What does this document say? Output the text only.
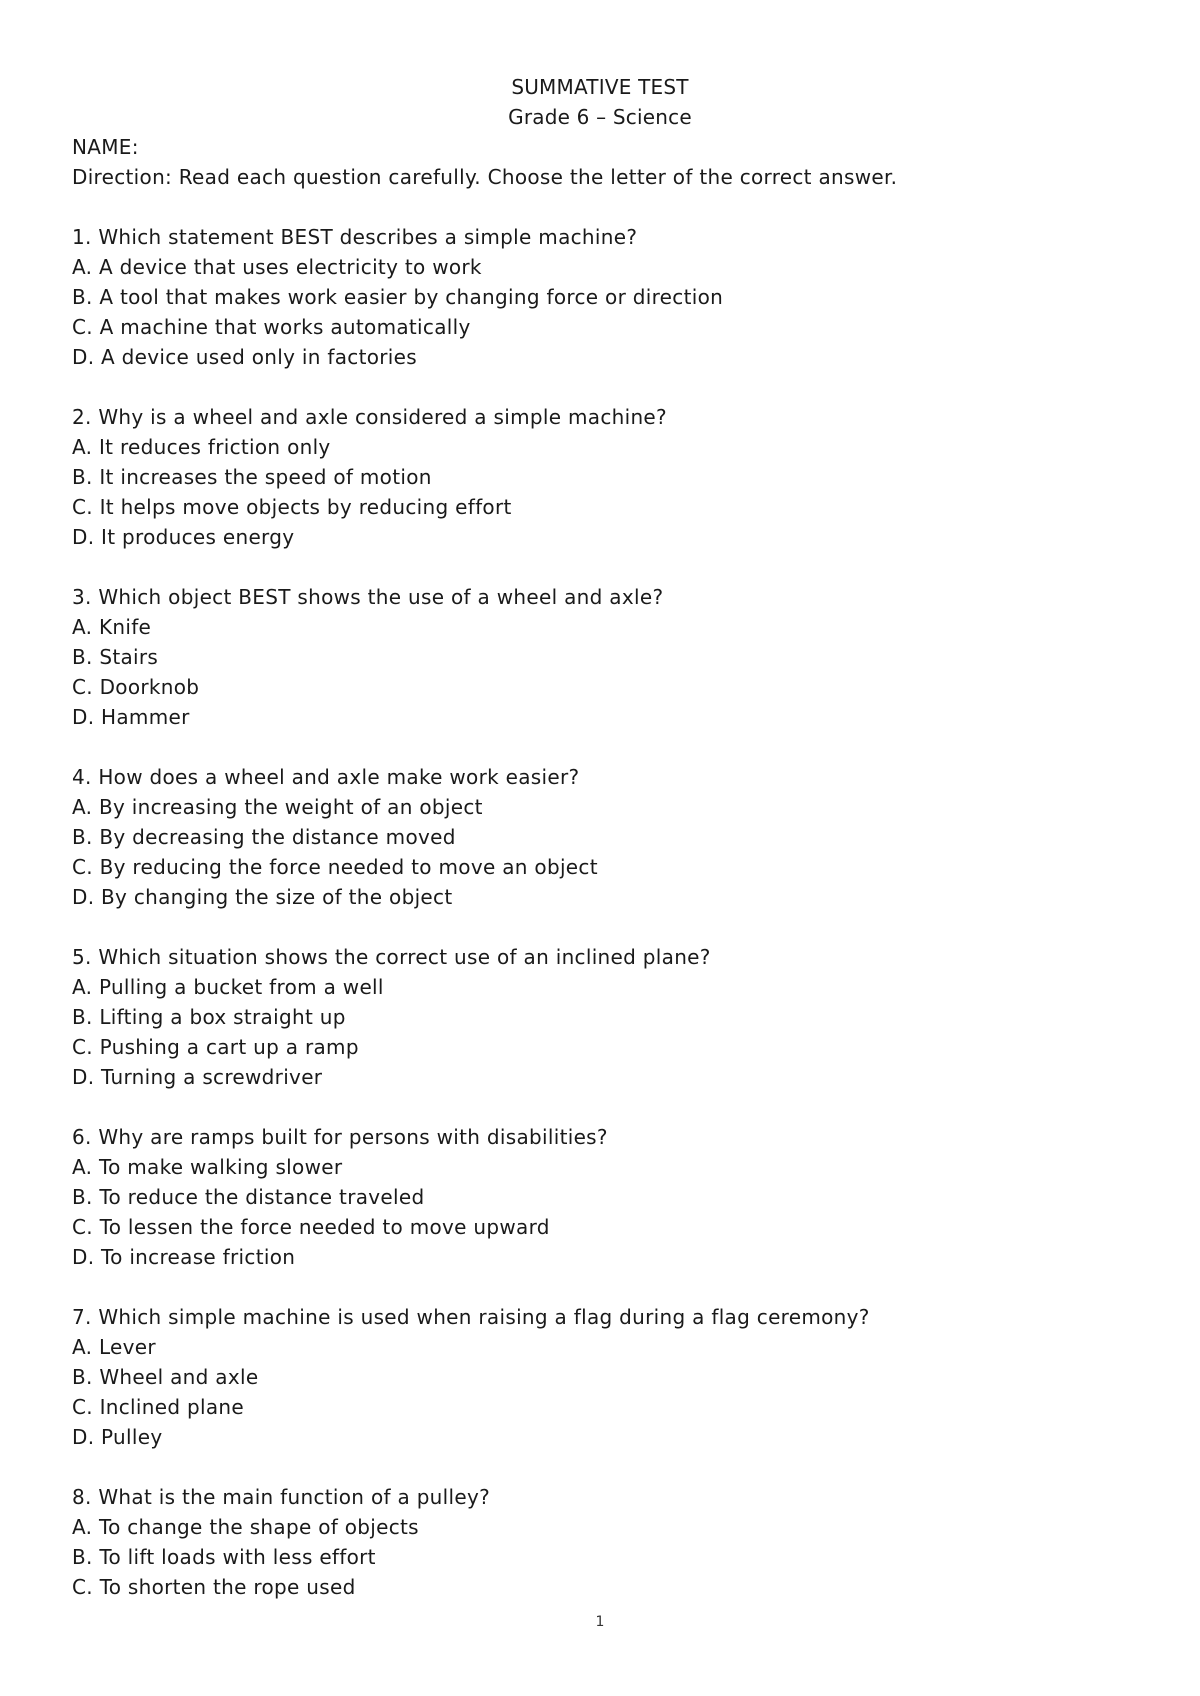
SUMMATIVE TEST
Grade 6 – Science
NAME:
Direction: Read each question carefully. Choose the letter of the correct answer.
1. Which statement BEST describes a simple machine?
A. A device that uses electricity to work
B. A tool that makes work easier by changing force or direction
C. A machine that works automatically
D. A device used only in factories
2. Why is a wheel and axle considered a simple machine?
A. It reduces friction only
B. It increases the speed of motion
C. It helps move objects by reducing effort
D. It produces energy
3. Which object BEST shows the use of a wheel and axle?
A. Knife
B. Stairs
C. Doorknob
D. Hammer
4. How does a wheel and axle make work easier?
A. By increasing the weight of an object
B. By decreasing the distance moved
C. By reducing the force needed to move an object
D. By changing the size of the object
5. Which situation shows the correct use of an inclined plane?
A. Pulling a bucket from a well
B. Lifting a box straight up
C. Pushing a cart up a ramp
D. Turning a screwdriver
6. Why are ramps built for persons with disabilities?
A. To make walking slower
B. To reduce the distance traveled
C. To lessen the force needed to move upward
D. To increase friction
7. Which simple machine is used when raising a flag during a flag ceremony?
A. Lever
B. Wheel and axle
C. Inclined plane
D. Pulley
8. What is the main function of a pulley?
A. To change the shape of objects
B. To lift loads with less effort
C. To shorten the rope used
1
